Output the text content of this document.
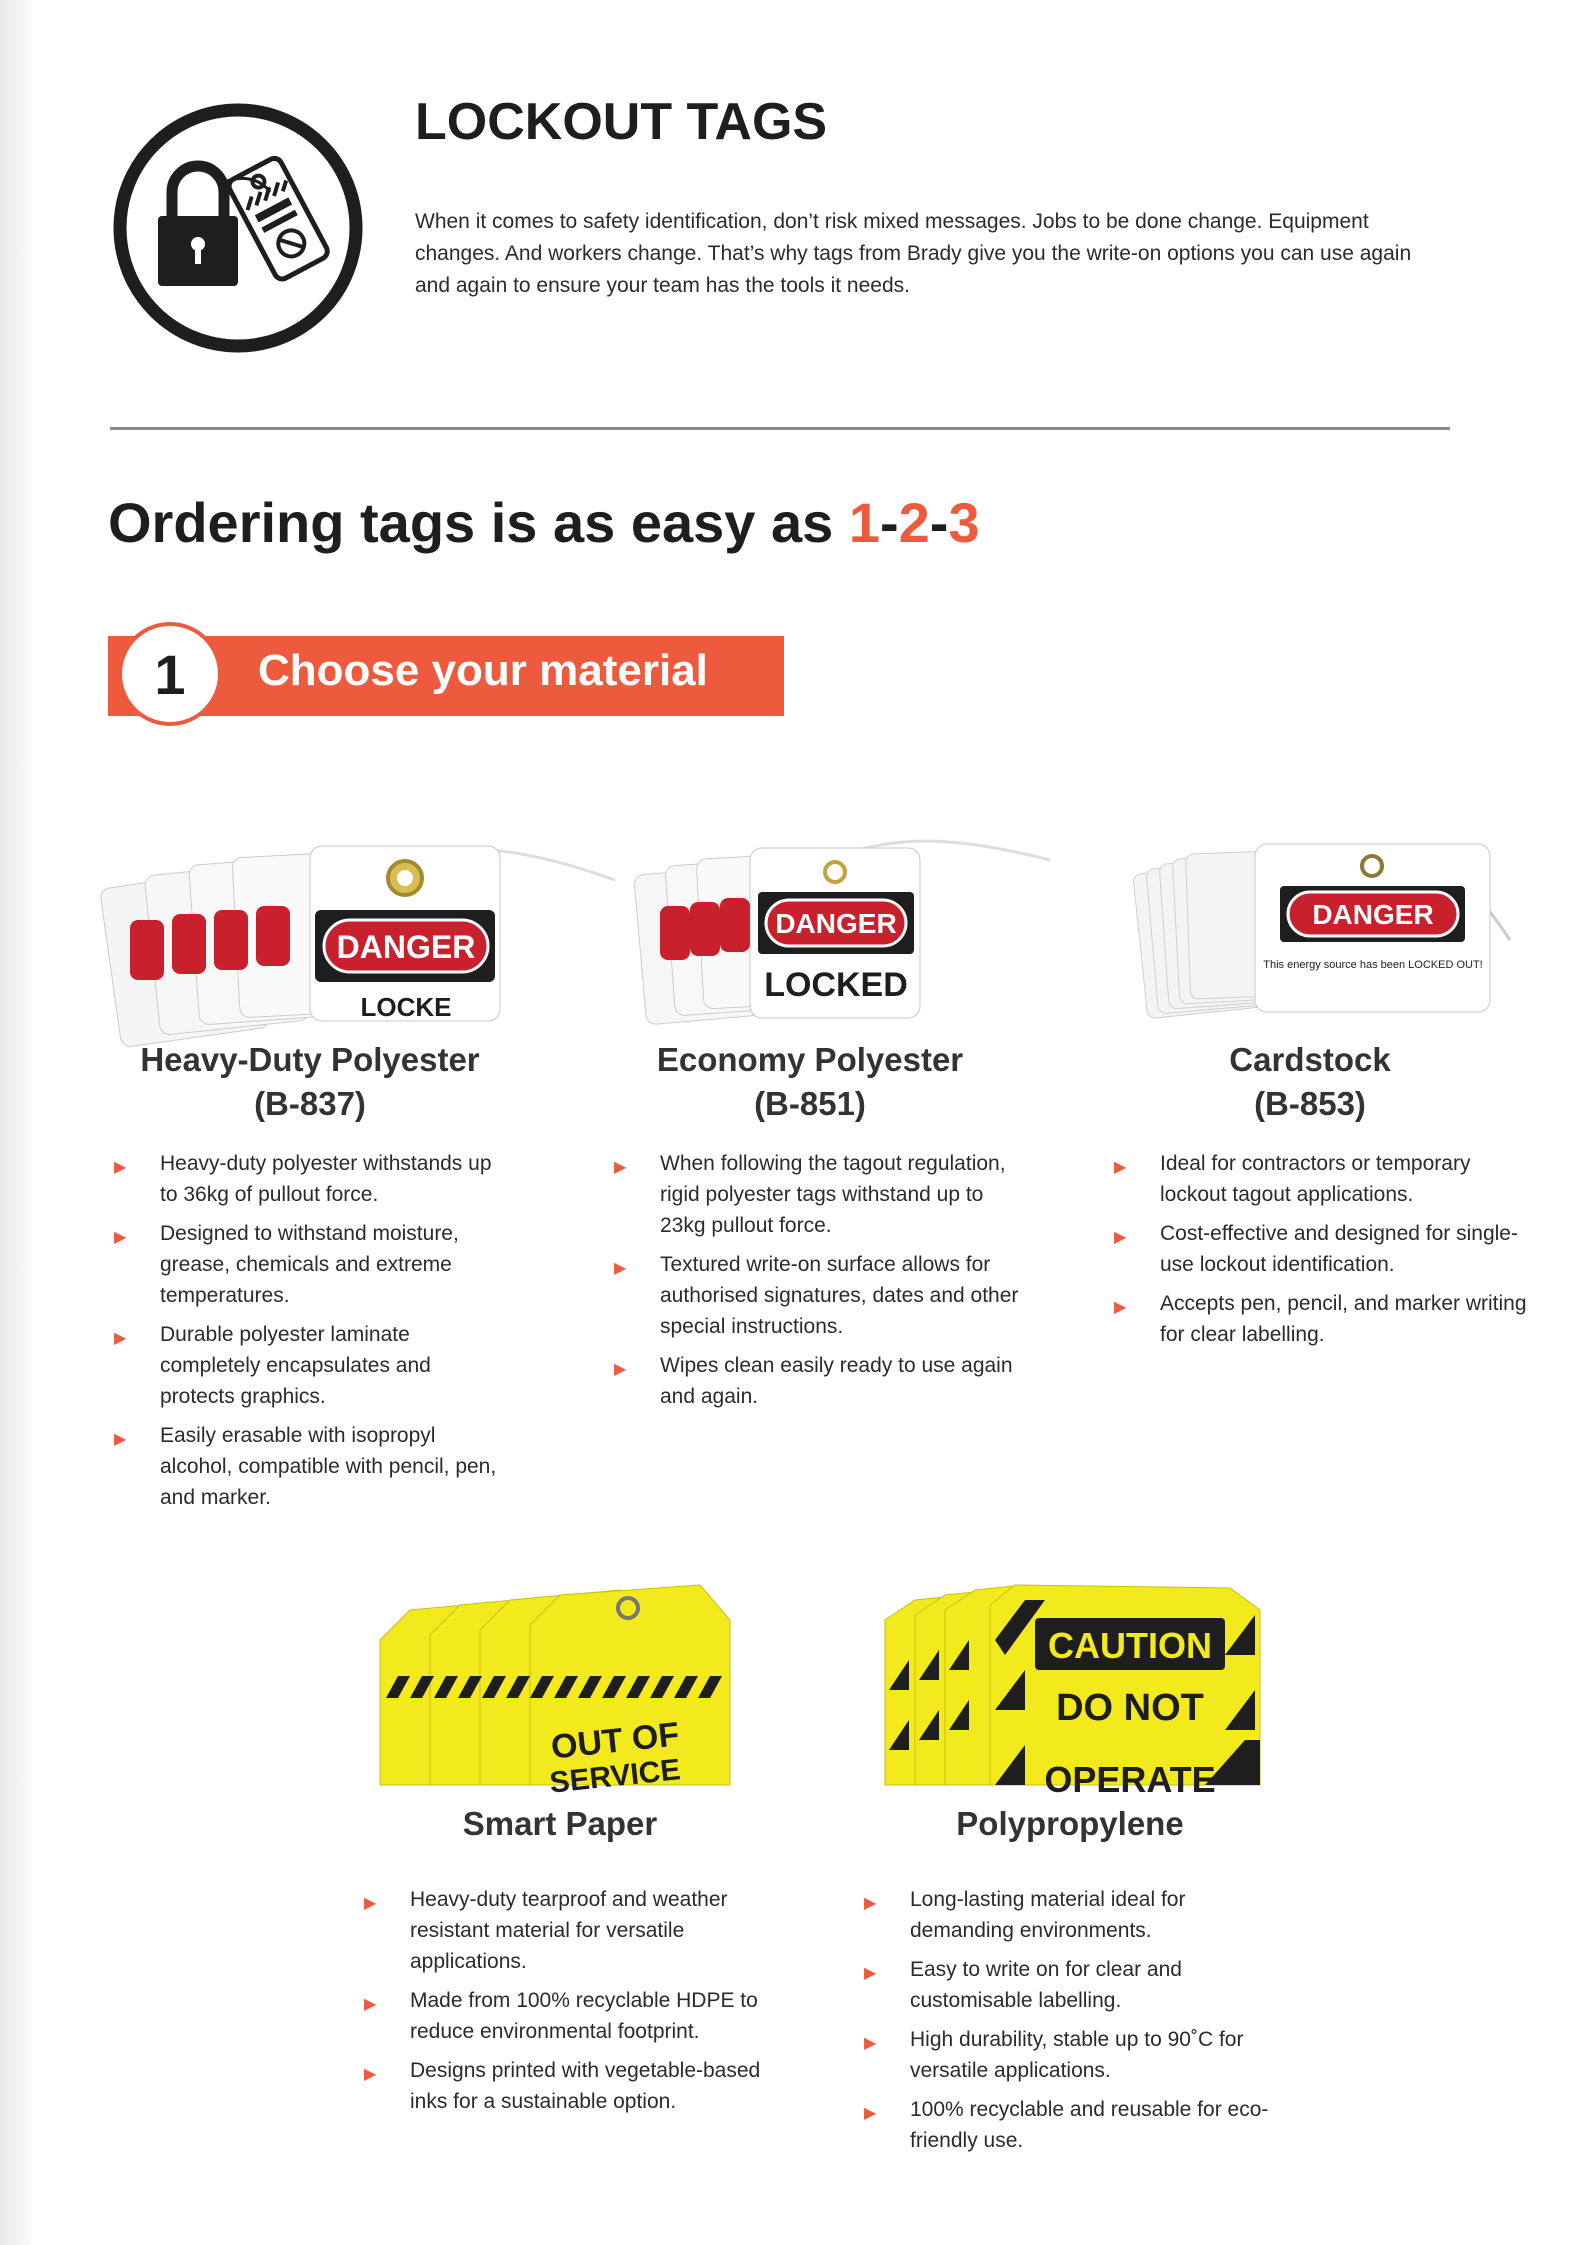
LOCKOUT TAGS

When it comes to safety identification, don’t risk mixed messages. Jobs to be done change. Equipment changes. And workers change. That’s why tags from Brady give you the write-on options you can use again and again to ensure your team has the tools it needs.

Ordering tags is as easy as 1-2-3
1	Choose your material
DANGER
LOCKE
Heavy-Duty Polyester
(B-837)
▶ Heavy-duty polyester withstands up to 36kg of pullout force.
▶ Designed to withstand moisture, grease, chemicals and extreme temperatures.
▶ Durable polyester laminate completely encapsulates and protects graphics.
▶ Easily erasable with isopropyl alcohol, compatible with pencil, pen, and marker.
DANGER
LOCKED
Economy Polyester
(B-851)
▶ When following the tagout regulation, rigid polyester tags withstand up to 23kg pullout force.
▶ Textured write-on surface allows for authorised signatures, dates and other special instructions.
▶ Wipes clean easily ready to use again and again.
DANGER
This energy source has been LOCKED OUT!
Cardstock
(B-853)
▶ Ideal for contractors or temporary lockout tagout applications.
▶ Cost-effective and designed for single-use lockout identification.
▶ Accepts pen, pencil, and marker writing for clear labelling.
OUT OF
SERVICE
Smart Paper
▶ Heavy-duty tearproof and weather resistant material for versatile applications.
▶ Made from 100% recyclable HDPE to reduce environmental footprint.
▶ Designs printed with vegetable-based inks for a sustainable option.
CAUTION
DO NOT
OPERATE
Polypropylene
▶ Long-lasting material ideal for demanding environments.
▶ Easy to write on for clear and customisable labelling.
▶ High durability, stable up to 90˚C for versatile applications.
▶ 100% recyclable and reusable for eco-friendly use.
